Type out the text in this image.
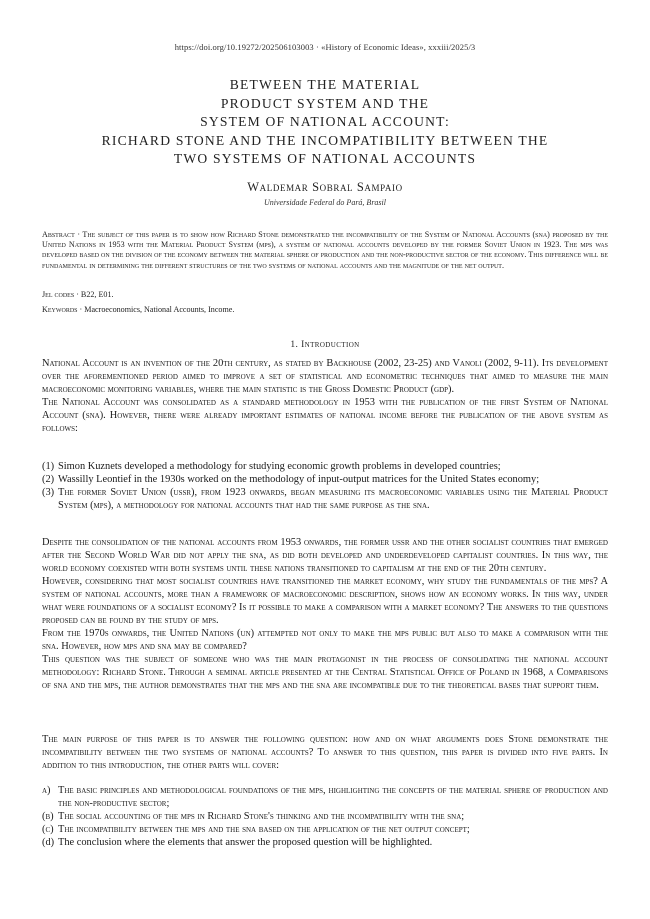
https://doi.org/10.19272/202506103003 · «History of Economic Ideas», xxxiii/2025/3
BETWEEN THE MATERIAL
PRODUCT SYSTEM AND THE
SYSTEM OF NATIONAL ACCOUNT:
RICHARD STONE AND THE INCOMPATIBILITY BETWEEN THE
TWO SYSTEMS OF NATIONAL ACCOUNTS
Waldemar Sobral Sampaio
Universidade Federal do Pará, Brasil
Abstract · The subject of this paper is to show how Richard Stone demonstrated the incompatibility of the System of National Accounts (sna) proposed by the United Nations in 1953 with the Material Product System (mps), a system of national accounts developed by the former Soviet Union in 1923. The mps was developed based on the division of the economy between the material sphere of production and the non-productive sector of the economy. This difference will be fundamental in determining the different structures of the two systems of national accounts and the magnitude of the net output.
Jel codes · B22, E01.
Keywords · Macroeconomics, National Accounts, Income.
1. Introduction

National Account is an invention of the 20th century, as stated by Backhouse (2002, 23-25) and Vanoli (2002, 9-11). Its development over the aforementioned period aimed to improve a set of statistical and econometric techniques that aimed to measure the main macroeconomic monitoring variables, where the main statistic is the Gross Domestic Product (gdp).

The National Account was consolidated as a standard methodology in 1953 with the publication of the first System of National Account (sna). However, there were already important estimates of national income before the publication of the above system as follows:

(1) Simon Kuznets developed a methodology for studying economic growth problems in developed countries;
(2) Wassilly Leontief in the 1930s worked on the methodology of input-output matrices for the United States economy;
(3) The former Soviet Union (ussr), from 1923 onwards, began measuring its macroeconomic variables using the Material Product System (mps), a methodology for national accounts that had the same purpose as the sna.

Despite the consolidation of the national accounts from 1953 onwards, the former ussr and the other socialist countries that emerged after the Second World War did not apply the sna, as did both developed and underdeveloped capitalist countries. In this way, the world economy coexisted with both systems until these nations transitioned to capitalism at the end of the 20th century.

However, considering that most socialist countries have transitioned the market economy, why study the fundamentals of the mps? A system of national accounts, more than a framework of macroeconomic description, shows how an economy works. In this way, under what were foundations of a socialist economy? Is it possible to make a comparison with a market economy? The answers to the questions proposed can be found by the study of mps.

From the 1970s onwards, the United Nations (un) attempted not only to make the mps public but also to make a comparison with the sna. However, how mps and sna may be compared?

This question was the subject of someone who was the main protagonist in the process of consolidating the national account methodology: Richard Stone. Through a seminal article presented at the Central Statistical Office of Poland in 1968, a Comparisons of sna and the mps, the author demonstrates that the mps and the sna are incompatible due to the theoretical bases that support them.

The main purpose of this paper is to answer the following question: how and on what arguments does Stone demonstrate the incompatibility between the two systems of national accounts? To answer to this question, this paper is divided into five parts. In addition to this introduction, the other parts will cover:

a) The basic principles and methodological foundations of the mps, highlighting the concepts of the material sphere of production and the non-productive sector;
(b) The social accounting of the mps in Richard Stone's thinking and the incompatibility with the sna;
(c) The incompatibility between the mps and the sna based on the application of the net output concept;
(d) The conclusion where the elements that answer the proposed question will be highlighted.
